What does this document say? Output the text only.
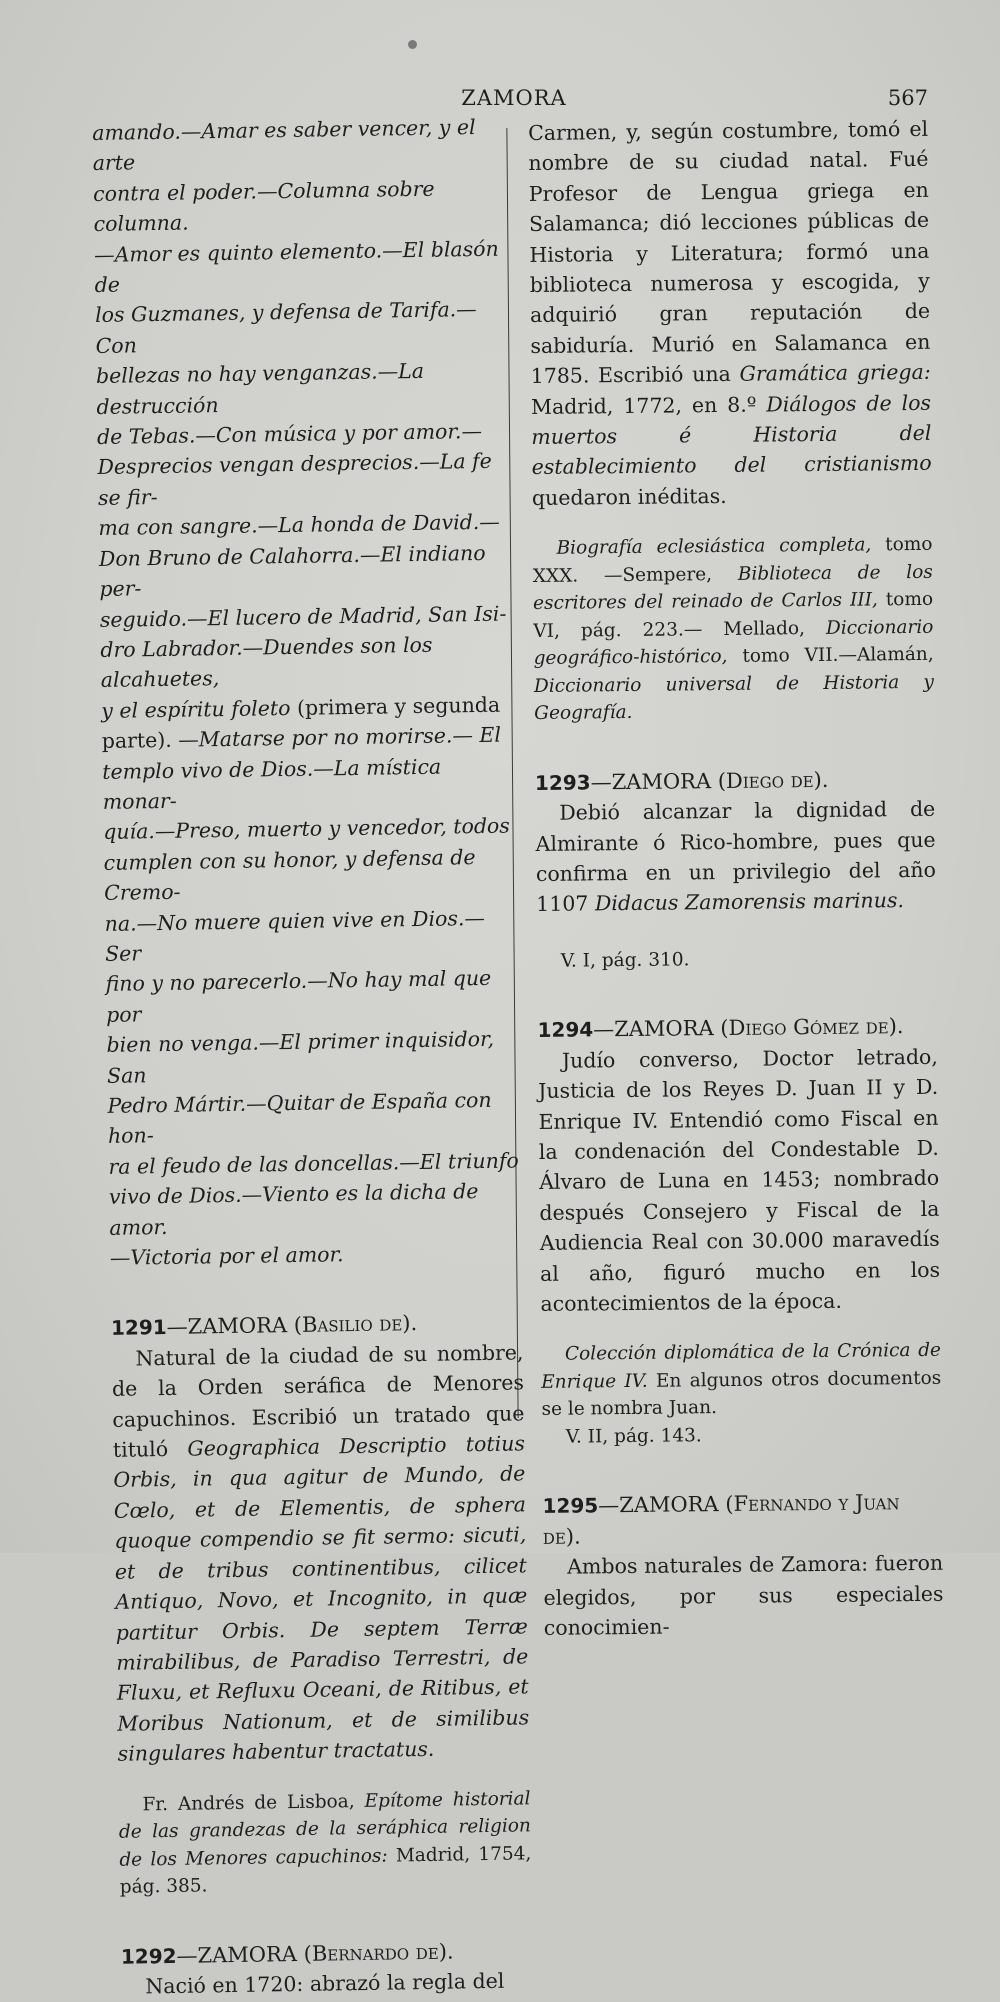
ZAMORA	567
amando.—Amar es saber vencer, y el arte
contra el poder.—Columna sobre columna.
—Amor es quinto elemento.—El blasón de
los Guzmanes, y defensa de Tarifa.—Con
bellezas no hay venganzas.—La destrucción
de Tebas.—Con música y por amor.—
Desprecios vengan desprecios.—La fe se fir-
ma con sangre.—La honda de David.—
Don Bruno de Calahorra.—El indiano per-
seguido.—El lucero de Madrid, San Isi-
dro Labrador.—Duendes son los alcahuetes,
y el espíritu foleto (primera y segunda
parte). —Matarse por no morirse.— El
templo vivo de Dios.—La mística monar-
quía.—Preso, muerto y vencedor, todos
cumplen con su honor, y defensa de Cremo-
na.—No muere quien vive en Dios.—Ser
fino y no parecerlo.—No hay mal que por
bien no venga.—El primer inquisidor, San
Pedro Mártir.—Quitar de España con hon-
ra el feudo de las doncellas.—El triunfo
vivo de Dios.—Viento es la dicha de amor.
—Victoria por el amor.
1291—ZAMORA (Basilio de).

Natural de la ciudad de su nombre, de la Orden seráfica de Menores capuchinos. Escribió un tratado que tituló Geographica Descriptio totius Orbis, in qua agitur de Mundo, de Cœlo, et de Elementis, de sphera quoque compendio se fit sermo: sicuti, et de tribus continentibus, cilicet Antiquo, Novo, et Incognito, in quæ partitur Orbis. De septem Terræ mirabilibus, de Paradiso Terrestri, de Fluxu, et Refluxu Oceani, de Ritibus, et Moribus Nationum, et de similibus singulares habentur tractatus.

Fr. Andrés de Lisboa, Epítome historial de las grandezas de la seráphica religion de los Menores capuchinos: Madrid, 1754, pág. 385.

1292—ZAMORA (Bernardo de).

Nació en 1720: abrazó la regla del

Carmen, y, según costumbre, tomó el nombre de su ciudad natal. Fué Profesor de Lengua griega en Salamanca; dió lecciones públicas de Historia y Literatura; formó una biblioteca numerosa y escogida, y adquirió gran reputación de sabiduría. Murió en Salamanca en 1785. Escribió una Gramática griega: Madrid, 1772, en 8.º Diálogos de los muertos é Historia del establecimiento del cristianismo quedaron inéditas.

Biografía eclesiástica completa, tomo XXX. —Sempere, Biblioteca de los escritores del reinado de Carlos III, tomo VI, pág. 223.— Mellado, Diccionario geográfico-histórico, tomo VII.—Alamán, Diccionario universal de Historia y Geografía.

1293—ZAMORA (Diego de).

Debió alcanzar la dignidad de Almirante ó Rico-hombre, pues que confirma en un privilegio del año 1107 Didacus Zamorensis marinus.

V. I, pág. 310.

1294—ZAMORA (Diego Gómez de).

Judío converso, Doctor letrado, Justicia de los Reyes D. Juan II y D. Enrique IV. Entendió como Fiscal en la condenación del Condestable D. Álvaro de Luna en 1453; nombrado después Consejero y Fiscal de la Audiencia Real con 30.000 maravedís al año, figuró mucho en los acontecimientos de la época.

Colección diplomática de la Crónica de Enrique IV. En algunos otros documentos se le nombra Juan.

V. II, pág. 143.

1295—ZAMORA (Fernando y Juan de).

Ambos naturales de Zamora: fueron elegidos, por sus especiales conocimien-
